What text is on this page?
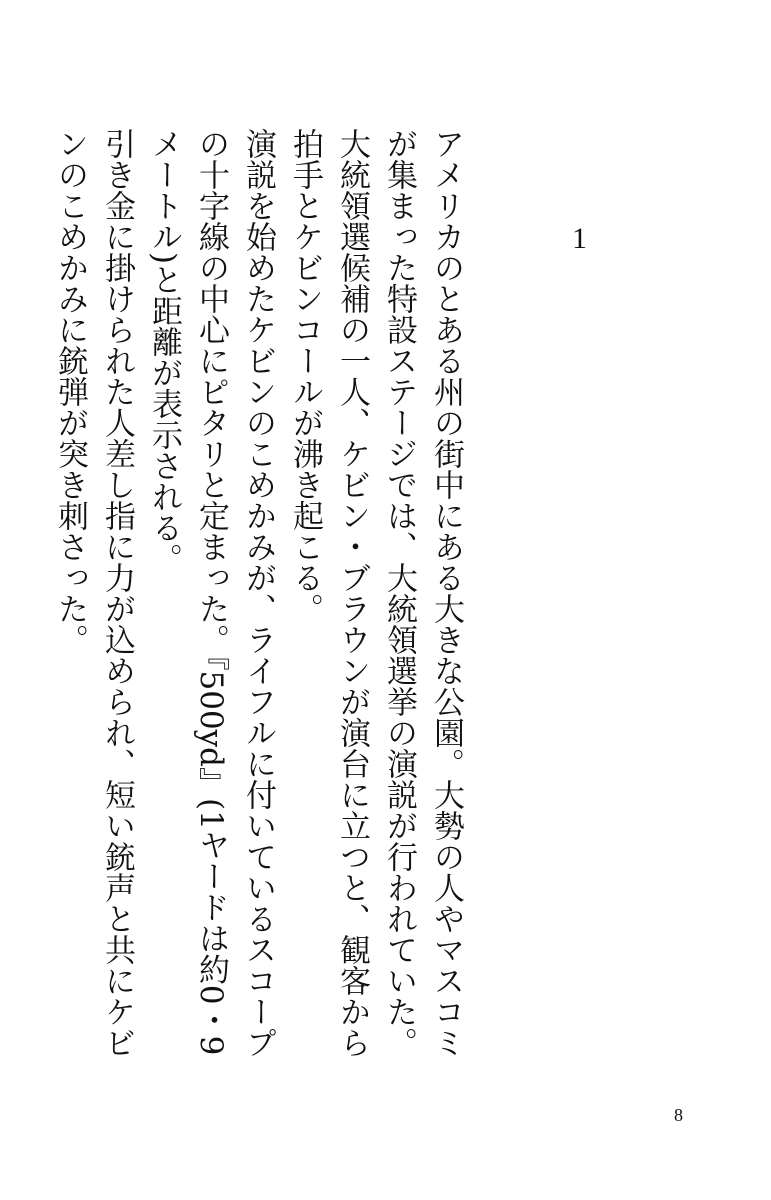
1

アメリカのとある州の街中にある大きな公園。大勢の人やマスコミが集まった特設ステージでは、大統領選挙の演説が行われていた。

大統領選候補の一人、ケビン・ブラウンが演台に立つと、観客から拍手とケビンコールが沸き起こる。

演説を始めたケビンのこめかみが、ライフルに付いているスコープの十字線の中心にピタリと定まった。『500yd』(1ヤードは約0・9メートル)と距離が表示される。

引き金に掛けられた人差し指に力が込められ、短い銃声と共にケビンのこめかみに銃弾が突き刺さった。

8
